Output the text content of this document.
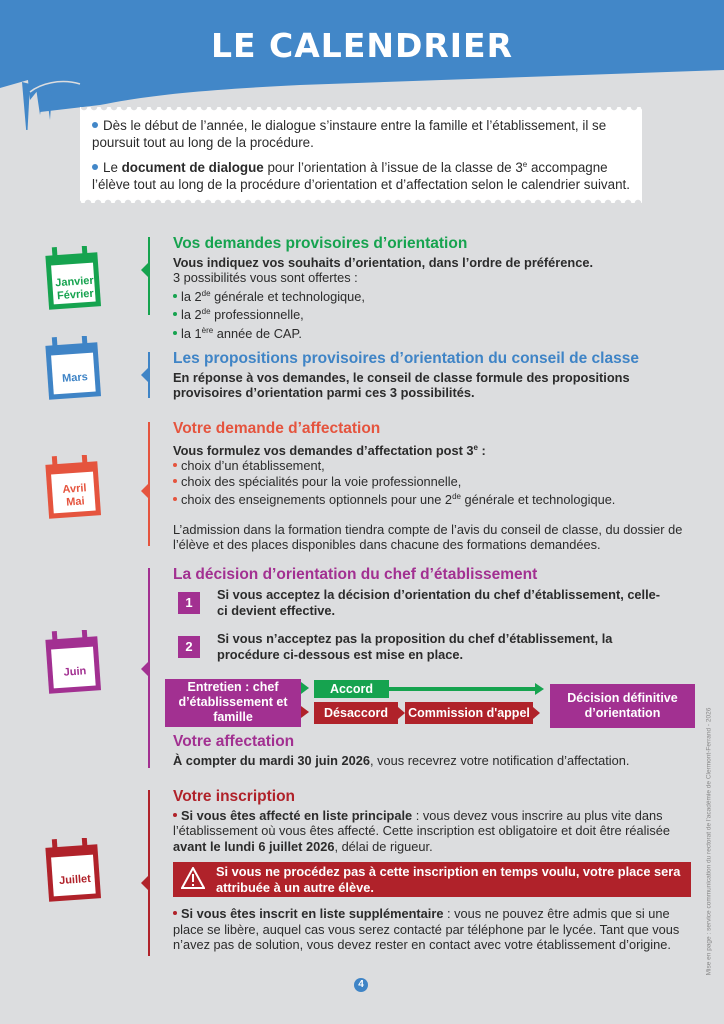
LE CALENDRIER

Dès le début de l’année, le dialogue s’instaure entre la famille et l’établissement, il se poursuit tout au long de la procédure.

Le document de dialogue pour l’orientation à l’issue de la classe de 3e accompagne l’élève tout au long de la procédure d’orientation et d’affectation selon le calendrier suivant.

Janvier
Février
Vos demandes provisoires d’orientation
Vous indiquez vos souhaits d’orientation, dans l’ordre de préférence.
3 possibilités vous sont offertes :
la 2de générale et technologique,
la 2de professionnelle,
la 1ère année de CAP.
Mars
Les propositions provisoires d’orientation du conseil de classe
En réponse à vos demandes, le conseil de classe formule des propositions provisoires d’orientation parmi ces 3 possibilités.
Avril
Mai
Votre demande d’affectation
Vous formulez vos demandes d’affectation post 3e :
choix d’un établissement,
choix des spécialités pour la voie professionnelle,
choix des enseignements optionnels pour une 2de générale et technologique.
L’admission dans la formation tiendra compte de l’avis du conseil de classe, du dossier de l’élève et des places disponibles dans chacune des formations demandées.
Juin
La décision d’orientation du chef d’établissement
1
Si vous acceptez la décision d’orientation du chef d’établissement, celle-ci devient effective.
2
Si vous n’acceptez pas la proposition du chef d’établissement, la procédure ci-dessous est mise en place.
Entretien : chef d’établissement et famille
Accord
Désaccord	Commission d'appel
Décision définitive d’orientation
Votre affectation
À compter du mardi 30 juin 2026, vous recevrez votre notification d’affectation.
Juillet
Votre inscription
Si vous êtes affecté en liste principale : vous devez vous inscrire au plus vite dans l’établissement où vous êtes affecté. Cette inscription est obligatoire et doit être réalisée avant le lundi 6 juillet 2026, délai de rigueur.
Si vous ne procédez pas à cette inscription en temps voulu, votre place sera attribuée à un autre élève.
Si vous êtes inscrit en liste supplémentaire : vous ne pouvez être admis que si une place se libère, auquel cas vous serez contacté par téléphone par le lycée. Tant que vous n’avez pas de solution, vous devez rester en contact avec votre établissement d’origine.	Mise en page : service communication du rectorat de l’académie de Clermont-Ferrand - 2026
4
